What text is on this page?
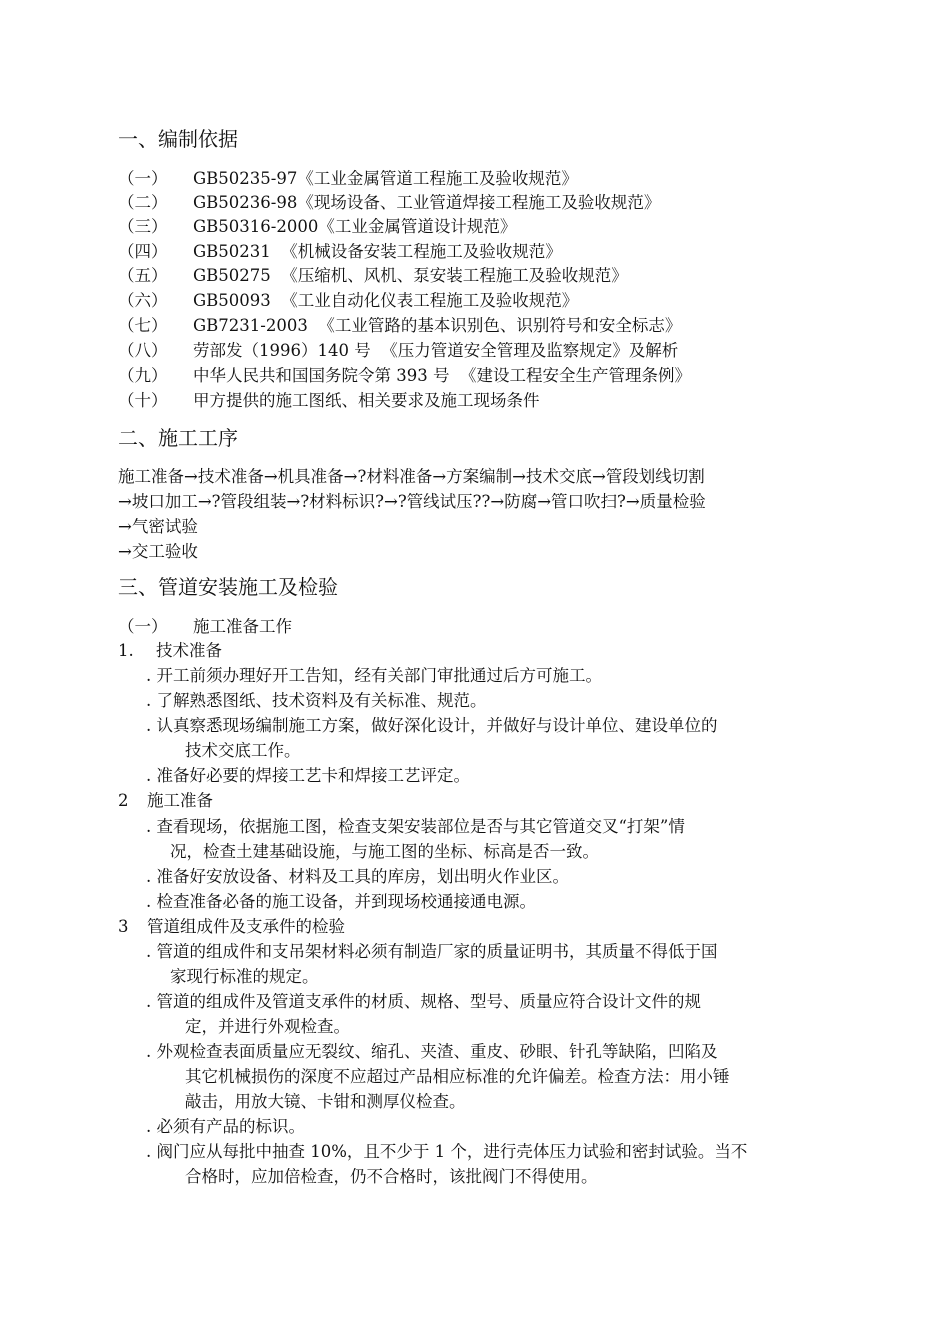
一、编制依据
（一） GB50235-97《工业金属管道工程施工及验收规范》
（二） GB50236-98《现场设备、工业管道焊接工程施工及验收规范》
（三） GB50316-2000《工业金属管道设计规范》
（四） GB50231  《机械设备安装工程施工及验收规范》
（五） GB50275  《压缩机、风机、泵安装工程施工及验收规范》
（六） GB50093  《工业自动化仪表工程施工及验收规范》
（七） GB7231-2003  《工业管路的基本识别色、识别符号和安全标志》
（八） 劳部发（1996）140 号  《压力管道安全管理及监察规定》及解析
（九） 中华人民共和国国务院令第 393 号  《建设工程安全生产管理条例》
（十） 甲方提供的施工图纸、相关要求及施工现场条件
二、施工工序
施工准备→技术准备→机具准备→?材料准备→方案编制→技术交底→管段划线切割
→坡口加工→?管段组装→?材料标识?→?管线试压??→防腐→管口吹扫?→质量检验
→气密试验
→交工验收
三、管道安装施工及检验
（一） 施工准备工作
1. 技术准备
. 开工前须办理好开工告知，经有关部门审批通过后方可施工。
. 了解熟悉图纸、技术资料及有关标准、规范。
. 认真察悉现场编制施工方案，做好深化设计，并做好与设计单位、建设单位的
技术交底工作。
. 准备好必要的焊接工艺卡和焊接工艺评定。
2 施工准备
. 查看现场，依据施工图，检查支架安装部位是否与其它管道交叉“打架”情
况，检查土建基础设施，与施工图的坐标、标高是否一致。
. 准备好安放设备、材料及工具的库房，划出明火作业区。
. 检查准备必备的施工设备，并到现场校通接通电源。
3 管道组成件及支承件的检验
. 管道的组成件和支吊架材料必须有制造厂家的质量证明书，其质量不得低于国
家现行标准的规定。
. 管道的组成件及管道支承件的材质、规格、型号、质量应符合设计文件的规
定，并进行外观检查。
. 外观检查表面质量应无裂纹、缩孔、夹渣、重皮、砂眼、针孔等缺陷，凹陷及
其它机械损伤的深度不应超过产品相应标准的允许偏差。检查方法：用小锤
敲击，用放大镜、卡钳和测厚仪检查。
. 必须有产品的标识。
. 阀门应从每批中抽查 10%，且不少于 1 个，进行壳体压力试验和密封试验。当不
合格时，应加倍检查，仍不合格时，该批阀门不得使用。
